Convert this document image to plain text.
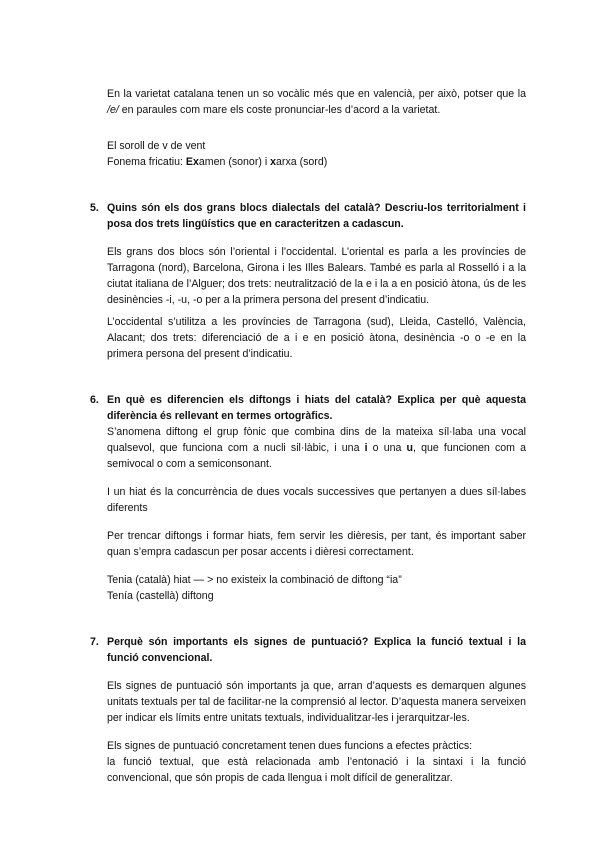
En la varietat catalana tenen un so vocàlic més que en valencià, per això, potser que la /e/ en paraules com mare els coste pronunciar-les d’acord a la varietat.

El soroll de v de vent

Fonema fricatiu: Examen (sonor) i xarxa (sord)

5. Quins són els dos grans blocs dialectals del català? Descriu-los territorialment i posa dos trets lingüístics que en caracteritzen a cadascun.

Els grans dos blocs són l’oriental i l’occidental. L’oriental es parla a les províncies de Tarragona (nord), Barcelona, Girona i les Illes Balears. També es parla al Rosselló i a la ciutat italiana de l’Alguer; dos trets: neutralització de la e i la a en posició àtona, ús de les desinències -i, -u, -o per a la primera persona del present d’indicatiu.

L’occidental s’utilitza a les províncies de Tarragona (sud), Lleida, Castelló, València, Alacant; dos trets: diferenciació de a i e en posició àtona, desinència -o o -e en la primera persona del present d’indicatiu.

6. En què es diferencien els diftongs i hiats del català? Explica per què aquesta diferència és rellevant en termes ortogràfics.

S’anomena diftong el grup fònic que combina dins de la mateixa síl·laba una vocal qualsevol, que funciona com a nucli sil·làbic, i una i o una u, que funcionen com a semivocal o com a semiconsonant.

I un hiat és la concurrència de dues vocals successives que pertanyen a dues síl·labes diferents

Per trencar diftongs i formar hiats, fem servir les dièresis, per tant, és important saber quan s’empra cadascun per posar accents i dièresi correctament.

Tenia (català) hiat — > no existeix la combinació de diftong “ia”

Tenía (castellà) diftong

7. Perquè són importants els signes de puntuació? Explica la funció textual i la funció convencional.

Els signes de puntuació són importants ja que, arran d’aquests es demarquen algunes unitats textuals per tal de facilitar-ne la comprensió al lector. D’aquesta manera serveixen per indicar els límits entre unitats textuals, individualitzar-les i jerarquitzar-les.

Els signes de puntuació concretament tenen dues funcions a efectes pràctics:

la funció textual, que està relacionada amb l’entonació i la sintaxi i la funció convencional, que són propis de cada llengua i molt difícil de generalitzar.
